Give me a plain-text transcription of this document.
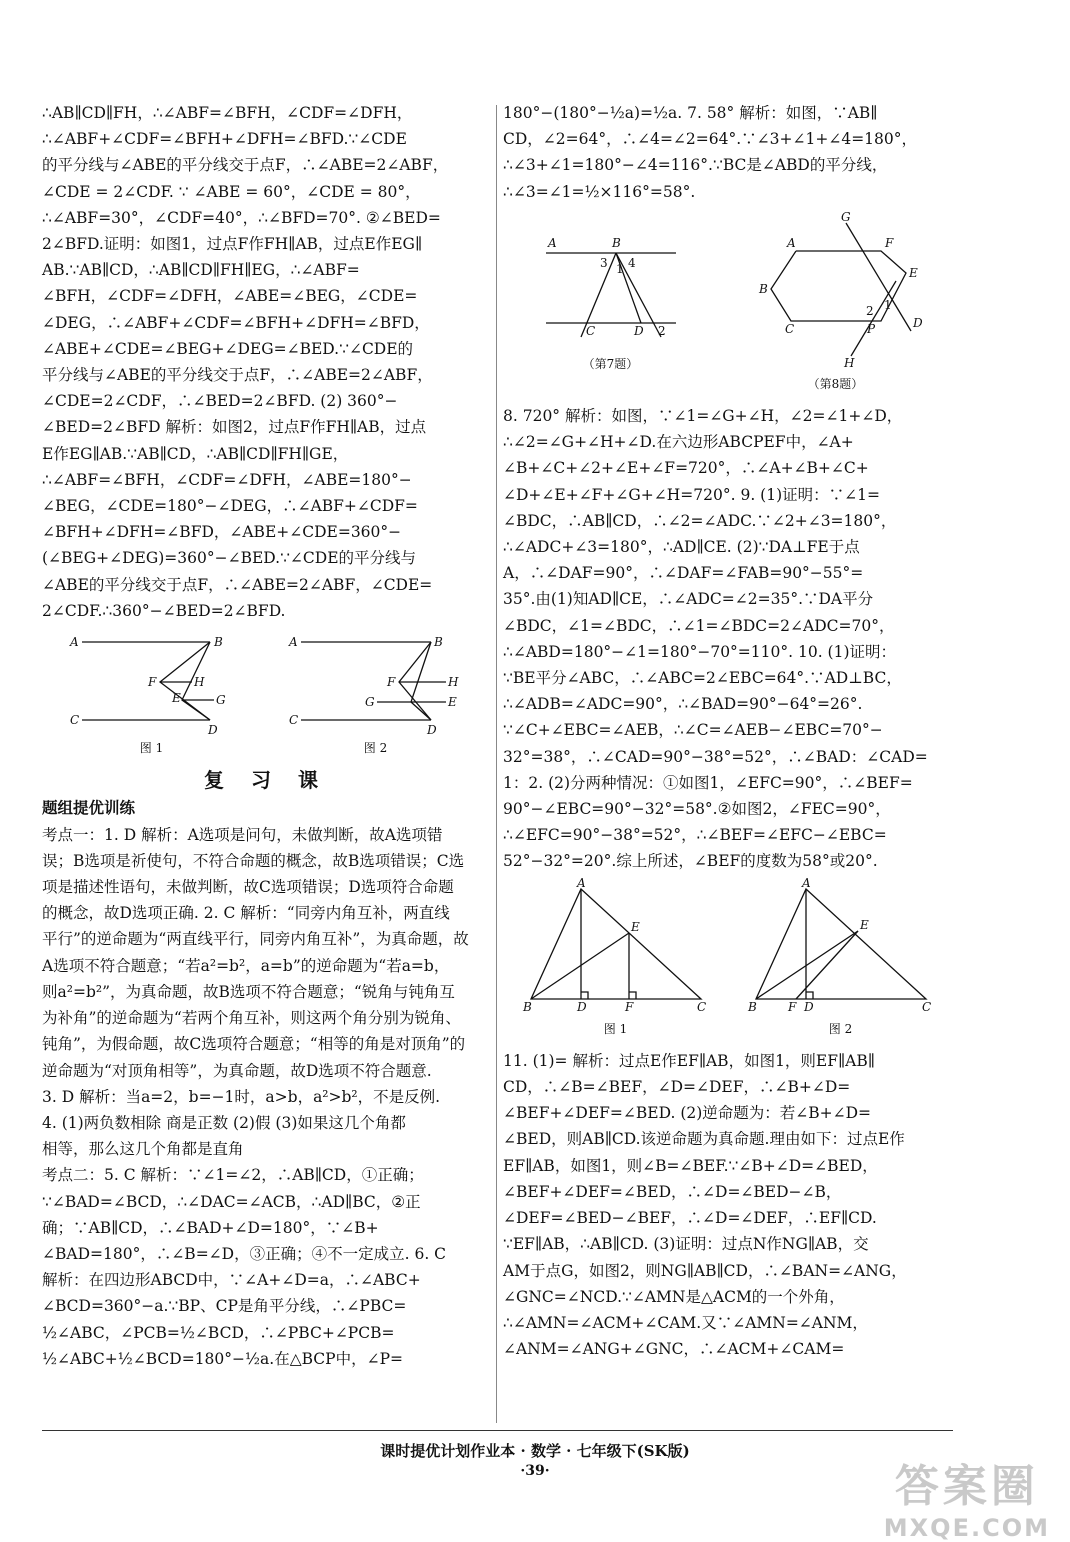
∴AB∥CD∥FH，∴∠ABF=∠BFH，∠CDF=∠DFH，
∴∠ABF+∠CDF=∠BFH+∠DFH=∠BFD.∵∠CDE
的平分线与∠ABE的平分线交于点F，∴∠ABE=2∠ABF，
∠CDE = 2∠CDF. ∵ ∠ABE = 60°，∠CDE = 80°，
∴∠ABF=30°，∠CDF=40°，∴∠BFD=70°. ②∠BED=
2∠BFD.证明：如图1，过点F作FH∥AB，过点E作EG∥
AB.∵AB∥CD，∴AB∥CD∥FH∥EG，∴∠ABF=
∠BFH，∠CDF=∠DFH，∠ABE=∠BEG，∠CDE=
∠DEG，∴∠ABF+∠CDF=∠BFH+∠DFH=∠BFD，
∠ABE+∠CDE=∠BEG+∠DEG=∠BED.∵∠CDE的
平分线与∠ABE的平分线交于点F，∴∠ABE=2∠ABF，
∠CDE=2∠CDF，∴∠BED=2∠BFD. (2) 360°−
∠BED=2∠BFD 解析：如图2，过点F作FH∥AB，过点
E作EG∥AB.∵AB∥CD，∴AB∥CD∥FH∥GE，
∴∠ABF=∠BFH，∠CDF=∠DFH，∠ABE=180°−
∠BEG，∠CDE=180°−∠DEG，∴∠ABF+∠CDF=
∠BFH+∠DFH=∠BFD，∠ABE+∠CDE=360°−
(∠BEG+∠DEG)=360°−∠BED.∵∠CDE的平分线与
∠ABE的平分线交于点F，∴∠ABE=2∠ABF，∠CDE=
2∠CDF.∴360°−∠BED=2∠BFD.
A	B
C
D
F	H
E	G
图 1
A	B
C
D
F	H
G	E
图 2
复 习 课
题组提优训练
考点一：1. D 解析：A选项是问句，未做判断，故A选项错
误；B选项是祈使句，不符合命题的概念，故B选项错误；C选
项是描述性语句，未做判断，故C选项错误；D选项符合命题
的概念，故D选项正确. 2. C 解析：“同旁内角互补，两直线
平行”的逆命题为“两直线平行，同旁内角互补”，为真命题，故
A选项不符合题意；“若a²=b²，a=b”的逆命题为“若a=b，
则a²=b²”，为真命题，故B选项不符合题意；“锐角与钝角互
为补角”的逆命题为“若两个角互补，则这两个角分别为锐角、
钝角”，为假命题，故C选项符合题意；“相等的角是对顶角”的
逆命题为“对顶角相等”，为真命题，故D选项不符合题意.
3. D 解析：当a=2，b=−1时，a>b，a²>b²，不是反例.
4. (1)两负数相除 商是正数 (2)假 (3)如果这几个角都
相等，那么这几个角都是直角
考点二：5. C 解析：∵∠1=∠2，∴AB∥CD，①正确；
∵∠BAD=∠BCD，∴∠DAC=∠ACB，∴AD∥BC，②正
确；∵AB∥CD，∴∠BAD+∠D=180°，∵∠B+
∠BAD=180°，∴∠B=∠D，③正确；④不一定成立. 6. C
解析：在四边形ABCD中，∵∠A+∠D=a，∴∠ABC+
∠BCD=360°−a.∵BP、CP是角平分线，∴∠PBC=
½∠ABC，∠PCB=½∠BCD，∴∠PBC+∠PCB=
½∠ABC+½∠BCD=180°−½a.在△BCP中，∠P=
180°−(180°−½a)=½a. 7. 58° 解析：如图，∵AB∥
CD，∠2=64°，∴∠4=∠2=64°.∵∠3+∠1+∠4=180°，
∴∠3+∠1=180°−∠4=116°.∵BC是∠ABD的平分线，
∴∠3=∠1=½×116°=58°.
A	B
C	D
3 1 4
2
（第7题）
G
A	F
E
B
C
2 1
P	D
H
（第8题）
8. 720° 解析：如图，∵∠1=∠G+∠H，∠2=∠1+∠D，
∴∠2=∠G+∠H+∠D.在六边形ABCPEF中，∠A+
∠B+∠C+∠2+∠E+∠F=720°，∴∠A+∠B+∠C+
∠D+∠E+∠F+∠G+∠H=720°. 9. (1)证明：∵∠1=
∠BDC，∴AB∥CD，∴∠2=∠ADC.∵∠2+∠3=180°，
∴∠ADC+∠3=180°，∴AD∥CE. (2)∵DA⊥FE于点
A，∴∠DAF=90°，∴∠DAF=∠FAB=90°−55°=
35°.由(1)知AD∥CE，∴∠ADC=∠2=35°.∵DA平分
∠BDC，∠1=∠BDC，∴∠1=∠BDC=2∠ADC=70°，
∴∠ABD=180°−∠1=180°−70°=110°. 10. (1)证明：
∵BE平分∠ABC，∴∠ABC=2∠EBC=64°.∵AD⊥BC，
∴∠ADB=∠ADC=90°，∴∠BAD=90°−64°=26°.
∵∠C+∠EBC=∠AEB，∴∠C=∠AEB−∠EBC=70°−
32°=38°，∴∠CAD=90°−38°=52°，∴∠BAD：∠CAD=
1：2. (2)分两种情况：①如图1，∠EFC=90°，∴∠BEF=
90°−∠EBC=90°−32°=58°.②如图2，∠FEC=90°，
∴∠EFC=90°−38°=52°，∴∠BEF=∠EFC−∠EBC=
52°−32°=20°.综上所述，∠BEF的度数为58°或20°.
A
E
B	D	F	C
图 1
A
E
B	F D	C
图 2
11. (1)= 解析：过点E作EF∥AB，如图1，则EF∥AB∥
CD，∴∠B=∠BEF，∠D=∠DEF，∴∠B+∠D=
∠BEF+∠DEF=∠BED. (2)逆命题为：若∠B+∠D=
∠BED，则AB∥CD.该逆命题为真命题.理由如下：过点E作
EF∥AB，如图1，则∠B=∠BEF.∵∠B+∠D=∠BED，
∠BEF+∠DEF=∠BED，∴∠D=∠BED−∠B，
∠DEF=∠BED−∠BEF，∴∠D=∠DEF，∴EF∥CD.
∵EF∥AB，∴AB∥CD. (3)证明：过点N作NG∥AB，交
AM于点G，如图2，则NG∥AB∥CD，∴∠BAN=∠ANG，
∠GNC=∠NCD.∵∠AMN是△ACM的一个外角，
∴∠AMN=∠ACM+∠CAM.又∵∠AMN=∠ANM，
∠ANM=∠ANG+∠GNC，∴∠ACM+∠CAM=
课时提优计划作业本 · 数学 · 七年级下(SK版)
·39·	答案圈
MXQE.COM
